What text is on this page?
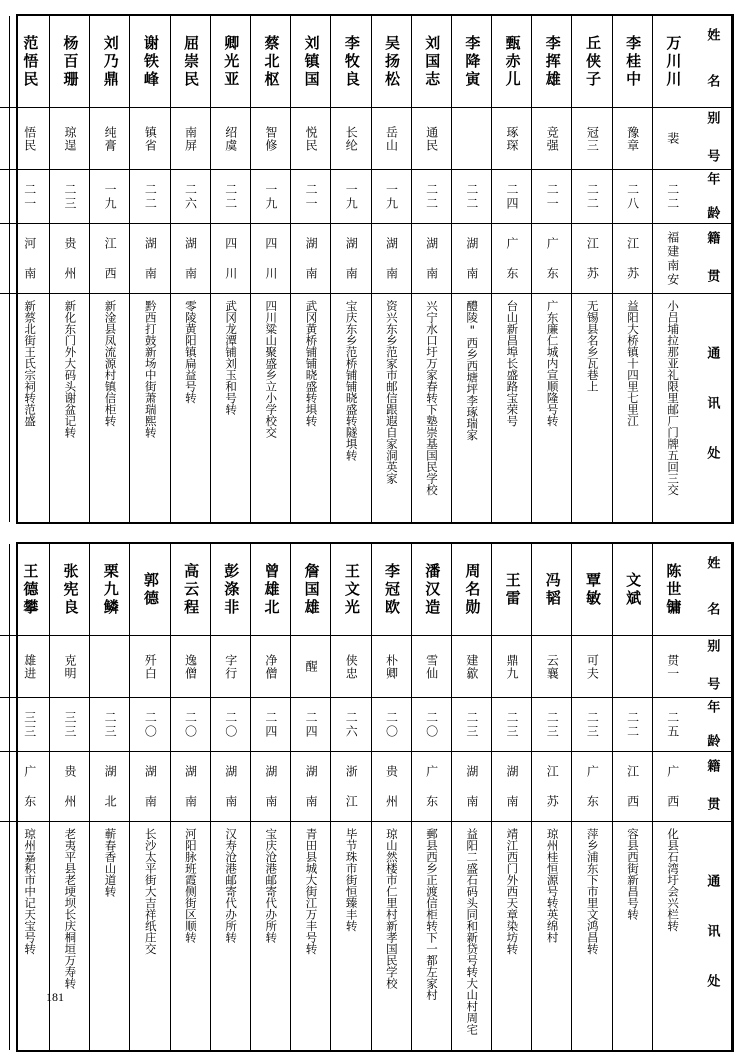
姓 名
别 号
年 龄
籍 贯
通 讯 处
万川川
裴
二二
福建南安
小吕埔拉那亚礼限里邮厂门牌五回三交
李桂中
豫章
二八
江 苏
益阳大桥镇十四里七里江
丘侠子
冠三
二二
江 苏
无锡县名乡瓦巷上
李挥雄
竞强
二一
广 东
广东廉仁城内宣顺隆号转
甄赤儿
琢琛
二四
广 东
台山新昌埠长盛路宝荣号
李降寅
二二
湖 南
醴陵"西乡西塘坪李琢瑞家
刘国志
通民
二二
湖 南
兴宁水口圩万家春转下塾崇基国民学校
吴扬松
岳山
一九
湖 南
资兴东乡范家市邮信跟遐自家洞英家
李牧良
长纶
一九
湖 南
宝庆东乡范桥铺铺晓盛转隧埧转
刘镇国
悦民
二一
湖 南
武冈黄桥铺铺晓盛转埧转
蔡北枢
智修
一九
四 川
四川粱山聚盛乡立小学校交
卿光亚
绍虞
二二
四 川
武冈龙潭铺刘玉和号转
屈崇民
南屏
二六
湖 南
零陵黄阳镇扁益号转
谢铁峰
镇省
二二
湖 南
黔西打鼓新场中街萧瑞熙转
刘乃鼎
纯膏
一九
江 西
新淦县凤流源村镇信柜转
杨百珊
琼逞
二三
贵 州
新化东门外大码头谢盆记转
范悟民
悟民
二一
河 南
新蔡北街王氏宗祠转范盛
姓 名
别 号
年 龄
籍 贯
通 讯 处
陈世镛
贯一
二五
广 西
化县石湾圩会兴栏转
文斌
二二
江 西
容县西街新昌号转
覃敏
可夫
二三
广 东
萍乡浦东下市里文鸿昌转
冯韬
云襄
二三
江 苏
琼州桂恒源号转英绵村
王雷
鼎九
二三
湖 南
靖江西门外西天章染坊转
周名勋
建歙
二三
湖 南
益阳二盛石码头同和新贷号转大山村周宅
潘汉造
雪仙
二〇
广 东
郵县西乡正渡信柜转下一都左家村
李冠欧
朴卿
二〇
贵 州
琼山然楼市仁里村新孝国民学校
王文光
侠忠
二六
浙 江
毕节珠市街恒臻丰转
詹国雄
醒
二四
湖 南
青田县城大街江万丰号转
曾雄北
净僧
二四
湖 南
宝庆沧港邮寄代办所转
彭涤非
字行
二〇
湖 南
汉寿沧港邮寄代办所转
高云程
逸僧
二〇
湖 南
河阳脉班霞侧街区顺转
郭德
歼白
二〇
湖 南
长沙太平街大吉祥纸庄交
栗九鳞
二三
湖 北
蕲春香山道转
张宪良
克明
三三
贵 州
老夷平县老埂坝长庆桐垣万寿转
王德攀
雄进
三三
广 东
琼州嘉积市中记天宝号转
181
